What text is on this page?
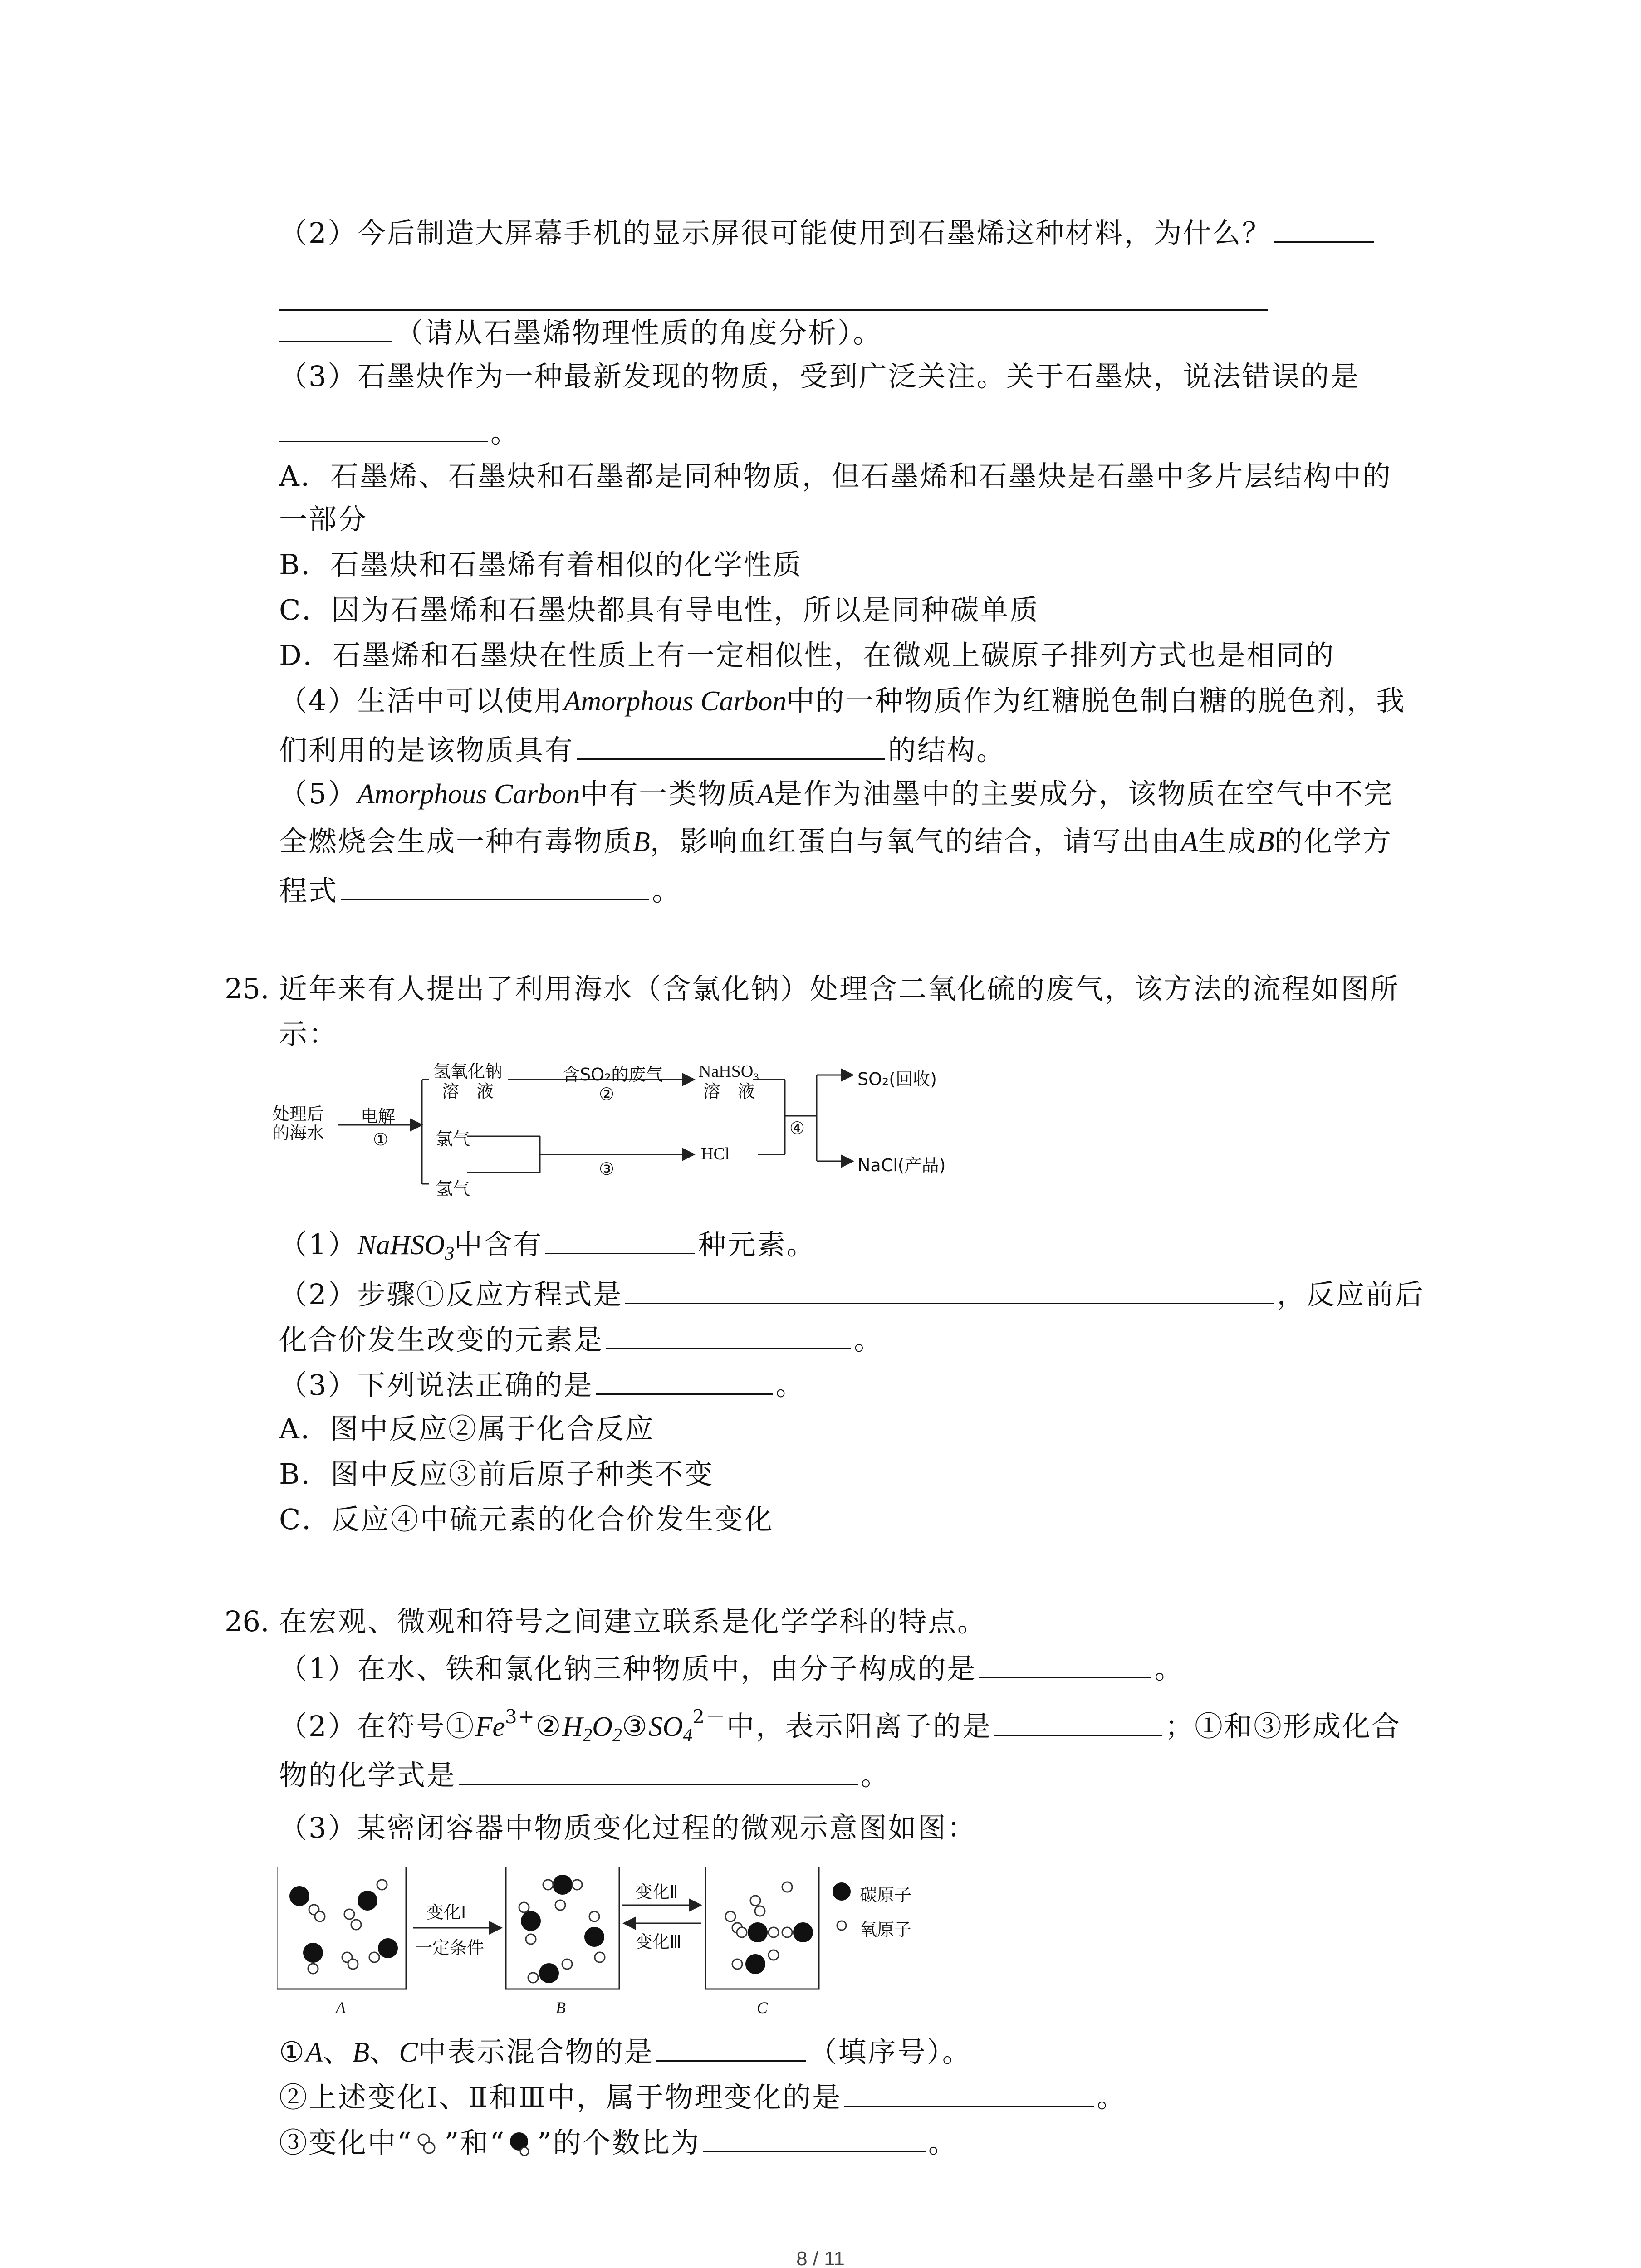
（2）今后制造大屏幕手机的显示屏很可能使用到石墨烯这种材料，为什么？
（请从石墨烯物理性质的角度分析）。
（3）石墨炔作为一种最新发现的物质，受到广泛关注。关于石墨炔，说法错误的是
。
A．石墨烯、石墨炔和石墨都是同种物质，但石墨烯和石墨炔是石墨中多片层结构中的
一部分
B．石墨炔和石墨烯有着相似的化学性质
C．因为石墨烯和石墨炔都具有导电性，所以是同种碳单质
D．石墨烯和石墨炔在性质上有一定相似性，在微观上碳原子排列方式也是相同的
（4）生活中可以使用Amorphous Carbon中的一种物质作为红糖脱色制白糖的脱色剂，我
们利用的是该物质具有	的结构。
（5）Amorphous Carbon中有一类物质A是作为油墨中的主要成分，该物质在空气中不完
全燃烧会生成一种有毒物质B，影响血红蛋白与氧气的结合，请写出由A生成B的化学方
程式	。
25. 近年来有人提出了利用海水（含氯化钠）处理含二氧化硫的废气，该方法的流程如图所
示：
处理后
的海水
电解
①
氢氧化钠
溶　液
氯气
氢气
含SO₂的废气
②
NaHSO₃
溶　液
③
HCl
④
SO₂(回收)
NaCl(产品)
（1）NaHSO$_3$中含有	种元素。
（2）步骤①反应方程式是	，反应前后
化合价发生改变的元素是	。
（3）下列说法正确的是	。
A．图中反应②属于化合反应
B．图中反应③前后原子种类不变
C．反应④中硫元素的化合价发生变化
26. 在宏观、微观和符号之间建立联系是化学学科的特点。
（1）在水、铁和氯化钠三种物质中，由分子构成的是	。
（2）在符号$①Fe^{3+}②H_2O_2③SO_4^{2-}$中，表示阳离子的是	；①和③形成化合
物的化学式是	。
（3）某密闭容器中物质变化过程的微观示意图如图：
变化Ⅰ
一定条件
变化Ⅱ
变化Ⅲ
碳原子
氧原子
A	B	C
①A、B、C中表示混合物的是	（填序号）。
②上述变化Ⅰ、Ⅱ和Ⅲ中，属于物理变化的是	。
③变化中“ ”和“ ”的个数比为	。
8 / 11
